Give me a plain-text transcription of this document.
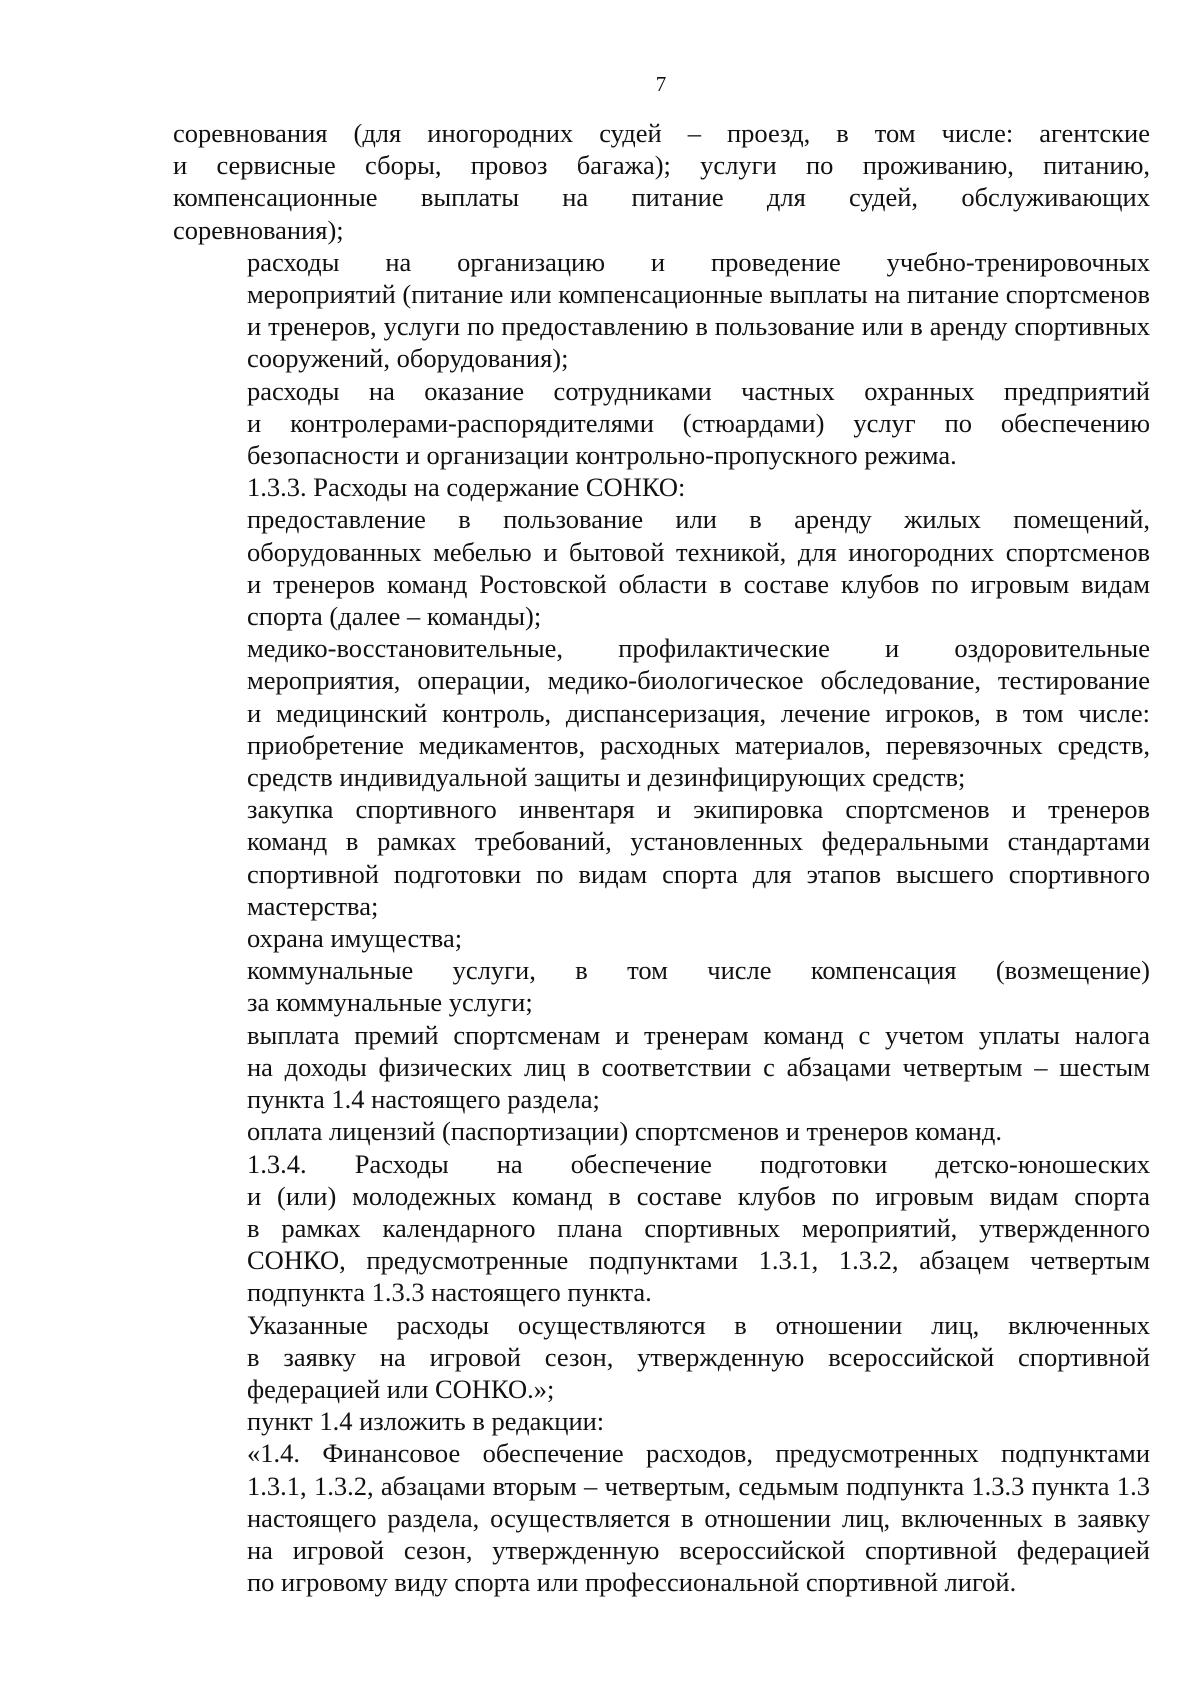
7

соревнования (для иногородних судей – проезд, в том числе: агентские
и сервисные сборы, провоз багажа); услуги по проживанию, питанию,
компенсационные выплаты на питание для судей, обслуживающих
соревнования);

расходы на организацию и проведение учебно-тренировочных
мероприятий (питание или компенсационные выплаты на питание спортсменов
и тренеров, услуги по предоставлению в пользование или в аренду спортивных
сооружений, оборудования);

расходы на оказание сотрудниками частных охранных предприятий
и контролерами-распорядителями (стюардами) услуг по обеспечению
безопасности и организации контрольно-пропускного режима.

1.3.3. Расходы на содержание СОНКО:

предоставление в пользование или в аренду жилых помещений,
оборудованных мебелью и бытовой техникой, для иногородних спортсменов
и тренеров команд Ростовской области в составе клубов по игровым видам
спорта (далее – команды);

медико-восстановительные, профилактические и оздоровительные
мероприятия, операции, медико-биологическое обследование, тестирование
и медицинский контроль, диспансеризация, лечение игроков, в том числе:
приобретение медикаментов, расходных материалов, перевязочных средств,
средств индивидуальной защиты и дезинфицирующих средств;

закупка спортивного инвентаря и экипировка спортсменов и тренеров
команд в рамках требований, установленных федеральными стандартами
спортивной подготовки по видам спорта для этапов высшего спортивного
мастерства;

охрана имущества;

коммунальные услуги, в том числе компенсация (возмещение)
за коммунальные услуги;

выплата премий спортсменам и тренерам команд с учетом уплаты налога
на доходы физических лиц в соответствии с абзацами четвертым – шестым
пункта 1.4 настоящего раздела;

оплата лицензий (паспортизации) спортсменов и тренеров команд.

1.3.4. Расходы на обеспечение подготовки детско-юношеских
и (или) молодежных команд в составе клубов по игровым видам спорта
в рамках календарного плана спортивных мероприятий, утвержденного
СОНКО, предусмотренные подпунктами 1.3.1, 1.3.2, абзацем четвертым
подпункта 1.3.3 настоящего пункта.

Указанные расходы осуществляются в отношении лиц, включенных
в заявку на игровой сезон, утвержденную всероссийской спортивной
федерацией или СОНКО.»;

пункт 1.4 изложить в редакции:

«1.4. Финансовое обеспечение расходов, предусмотренных подпунктами
1.3.1, 1.3.2, абзацами вторым – четвертым, седьмым подпункта 1.3.3 пункта 1.3
настоящего раздела, осуществляется в отношении лиц, включенных в заявку
на игровой сезон, утвержденную всероссийской спортивной федерацией
по игровому виду спорта или профессиональной спортивной лигой.
